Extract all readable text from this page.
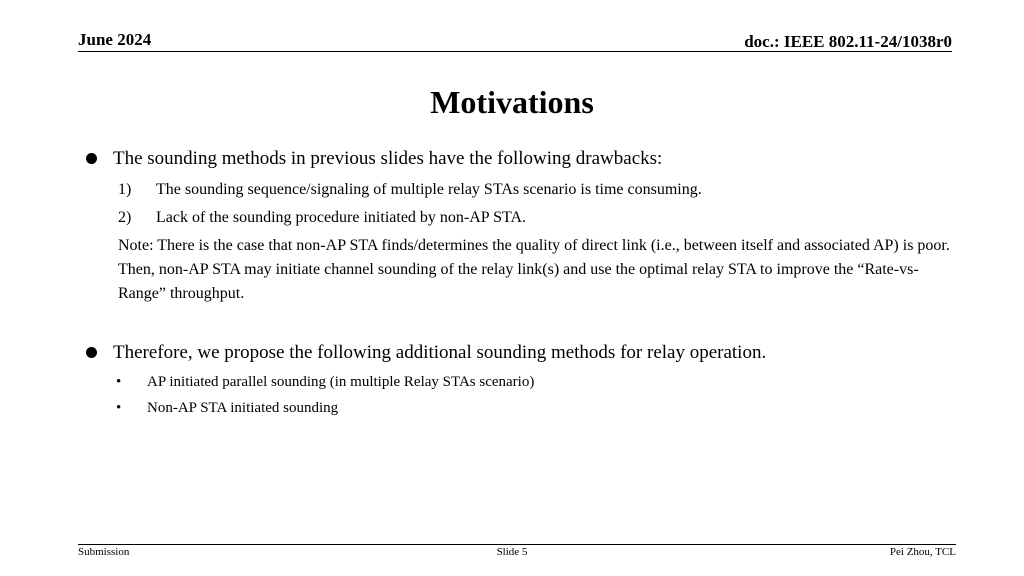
June 2024	doc.: IEEE 802.11-24/1038r0
Motivations
The sounding methods in previous slides have the following drawbacks:
1) The sounding sequence/signaling of multiple relay STAs scenario is time consuming.
2) Lack of the sounding procedure initiated by non-AP STA.
Note: There is the case that non-AP STA finds/determines the quality of direct link (i.e., between itself and associated AP) is poor. Then, non-AP STA may initiate channel sounding of the relay link(s) and use the optimal relay STA to improve the “Rate-vs-Range” throughput.
Therefore, we propose the following additional sounding methods for relay operation.
• AP initiated parallel sounding (in multiple Relay STAs scenario)
• Non-AP STA initiated sounding
Submission	Slide 5	Pei Zhou, TCL
